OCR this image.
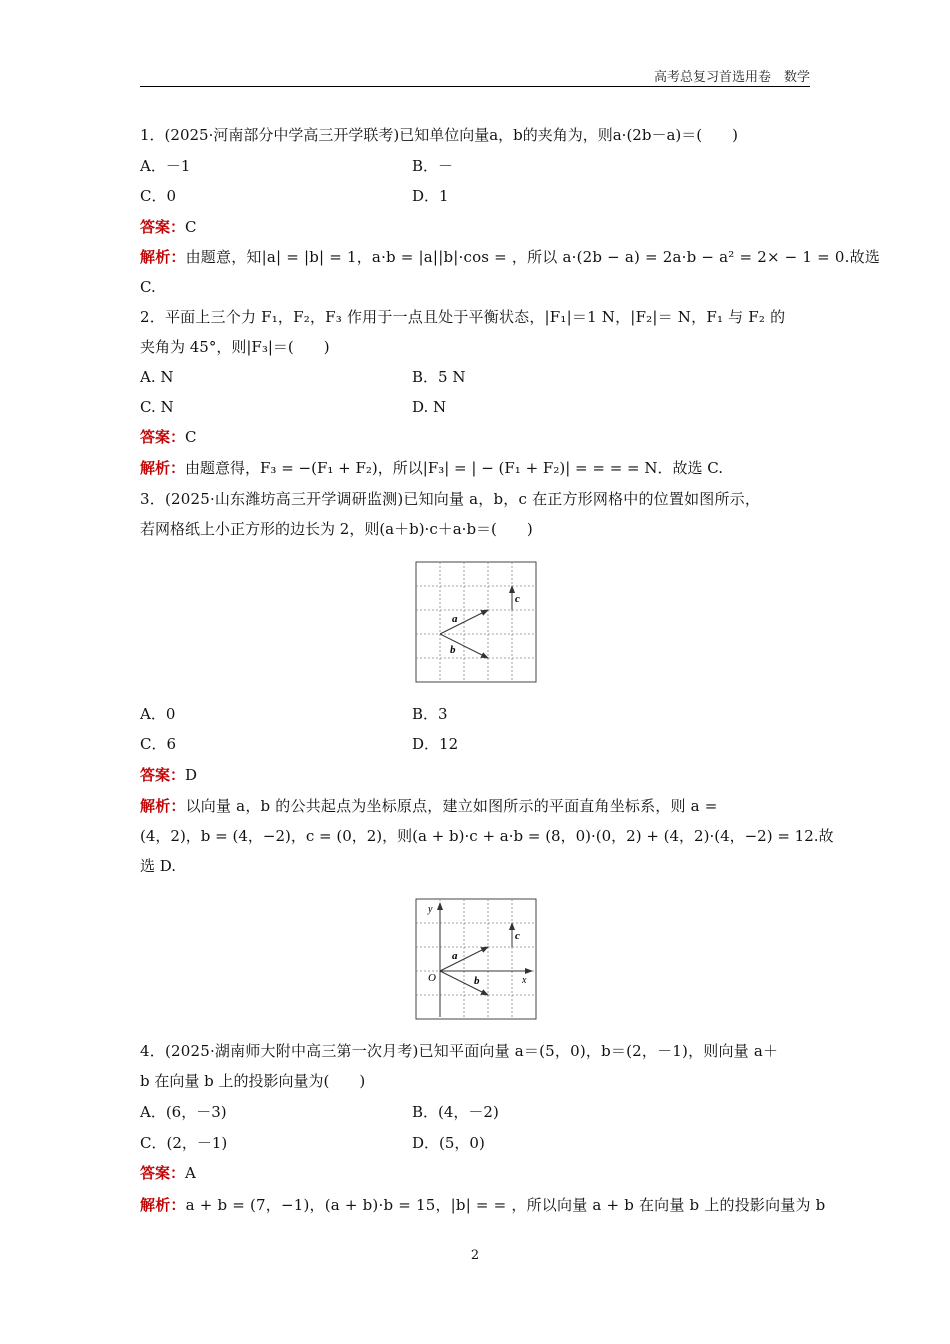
高考总复习首选用卷　数学
1．(2025·河南部分中学高三开学联考)已知单位向量a，b的夹角为，则a·(2b－a)＝(　　)
A．－1	B．－
C．0	D．1
答案：C
解析：由题意，知|a| = |b| = 1，a·b = |a||b|·cos = ，所以 a·(2b − a) = 2a·b − a² = 2× − 1 = 0.故选
C.
2．平面上三个力 F₁，F₂，F₃ 作用于一点且处于平衡状态，|F₁|＝1 N，|F₂|＝ N，F₁ 与 F₂ 的
夹角为 45°，则|F₃|＝(　　)
A. N	B．5 N
C. N	D. N
答案：C
解析：由题意得，F₃ = −(F₁ + F₂)，所以|F₃| = | − (F₁ + F₂)| = = = = N．故选 C.
3．(2025·山东潍坊高三开学调研监测)已知向量 a，b，c 在正方形网格中的位置如图所示，
若网格纸上小正方形的边长为 2，则(a＋b)·c＋a·b＝(　　)
a
b
c
A．0	B．3
C．6	D．12
答案：D
解析：以向量 a，b 的公共起点为坐标原点，建立如图所示的平面直角坐标系，则 a =
(4，2)，b = (4，−2)，c = (0，2)，则(a + b)·c + a·b = (8，0)·(0，2) + (4，2)·(4，−2) = 12.故
选 D.
a
b
c
x
y
O
4．(2025·湖南师大附中高三第一次月考)已知平面向量 a＝(5，0)，b＝(2，－1)，则向量 a＋
b 在向量 b 上的投影向量为(　　)
A．(6，－3)	B．(4，－2)
C．(2，－1)	D．(5，0)
答案：A
解析：a + b = (7，−1)，(a + b)·b = 15，|b| = = ，所以向量 a + b 在向量 b 上的投影向量为 b
2
